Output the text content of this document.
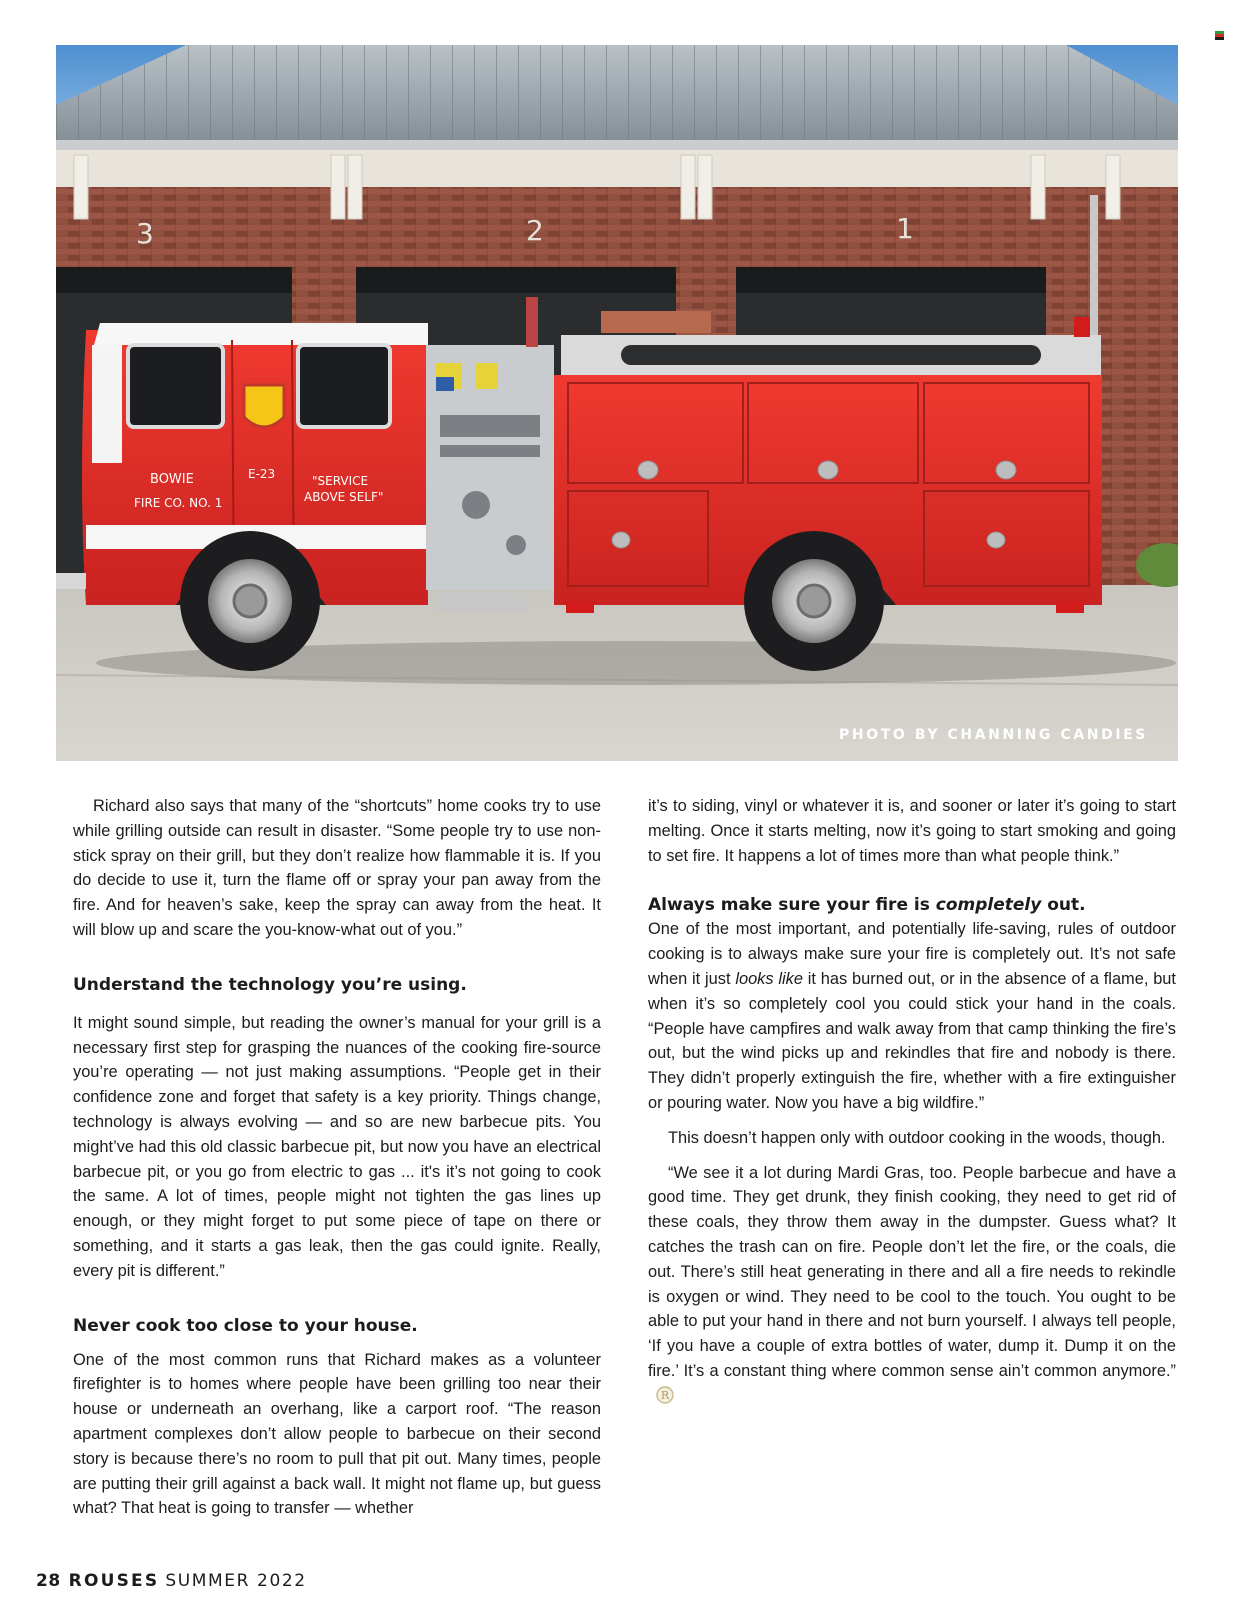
3	2	1
BOWIE
FIRE CO. NO. 1
E-23	"SERVICE
ABOVE SELF"
PHOTO BY CHANNING CANDIES

Richard also says that many of the “shortcuts” home cooks try to use while grilling outside can result in disaster. “Some people try to use non-stick spray on their grill, but they don’t realize how flammable it is. If you do decide to use it, turn the flame off or spray your pan away from the fire. And for heaven’s sake, keep the spray can away from the heat. It will blow up and scare the you-know-what out of you.”

Understand the technology you’re using.

It might sound simple, but reading the owner’s manual for your grill is a necessary first step for grasping the nuances of the cooking fire-source you’re operating — not just making assumptions. “People get in their confidence zone and forget that safety is a key priority. Things change, technology is always evolving — and so are new barbecue pits. You might’ve had this old classic barbecue pit, but now you have an electrical barbecue pit, or you go from electric to gas ... it's it’s not going to cook the same. A lot of times, people might not tighten the gas lines up enough, or they might forget to put some piece of tape on there or something, and it starts a gas leak, then the gas could ignite. Really, every pit is different.”

Never cook too close to your house.

One of the most common runs that Richard makes as a volunteer firefighter is to homes where people have been grilling too near their house or underneath an overhang, like a carport roof. “The reason apartment complexes don’t allow people to barbecue on their second story is because there’s no room to pull that pit out. Many times, people are putting their grill against a back wall. It might not flame up, but guess what? That heat is going to transfer — whether

it’s to siding, vinyl or whatever it is, and sooner or later it’s going to start melting. Once it starts melting, now it’s going to start smoking and going to set fire. It happens a lot of times more than what people think.”

Always make sure your fire is completely out.

One of the most important, and potentially life-saving, rules of outdoor cooking is to always make sure your fire is completely out. It’s not safe when it just looks like it has burned out, or in the absence of a flame, but when it’s so completely cool you could stick your hand in the coals. “People have campfires and walk away from that camp thinking the fire’s out, but the wind picks up and rekindles that fire and nobody is there. They didn’t properly extinguish the fire, whether with a fire extinguisher or pouring water. Now you have a big wildfire.”

This doesn’t happen only with outdoor cooking in the woods, though.

“We see it a lot during Mardi Gras, too. People barbecue and have a good time. They get drunk, they finish cooking, they need to get rid of these coals, they throw them away in the dumpster. Guess what? It catches the trash can on fire. People don’t let the fire, or the coals, die out. There’s still heat generating in there and all a fire needs to rekindle is oxygen or wind. They need to be cool to the touch. You ought to be able to put your hand in there and not burn yourself. I always tell people, ‘If you have a couple of extra bottles of water, dump it. Dump it on the fire.’ It’s a constant thing where common sense ain’t common anymore.”
R

28 ROUSES SUMMER 2022
